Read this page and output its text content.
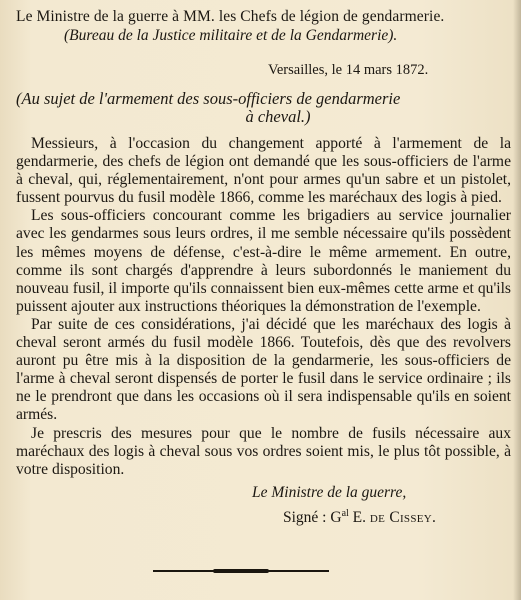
Le Ministre de la guerre à MM. les Chefs de légion de gendarmerie.
(Bureau de la Justice militaire et de la Gendarmerie).
Versailles, le 14 mars 1872.
(Au sujet de l'armement des sous-officiers de gendarmerie
à cheval.)

Messieurs, à l'occasion du changement apporté à l'armement de la gendarmerie, des chefs de légion ont demandé que les sous-officiers de l'arme à cheval, qui, réglementairement, n'ont pour armes qu'un sabre et un pistolet, fussent pourvus du fusil modèle 1866, comme les maréchaux des logis à pied.

Les sous-officiers concourant comme les brigadiers au service journalier avec les gendarmes sous leurs ordres, il me semble nécessaire qu'ils possèdent les mêmes moyens de défense, c'est-à-dire le même armement. En outre, comme ils sont chargés d'apprendre à leurs subordonnés le maniement du nouveau fusil, il importe qu'ils connaissent bien eux-mêmes cette arme et qu'ils puissent ajouter aux instructions théoriques la démonstration de l'exemple.

Par suite de ces considérations, j'ai décidé que les maréchaux des logis à cheval seront armés du fusil modèle 1866. Toutefois, dès que des revolvers auront pu être mis à la disposition de la gendarmerie, les sous-officiers de l'arme à cheval seront dispensés de porter le fusil dans le service ordinaire ; ils ne le prendront que dans les occasions où il sera indispensable qu'ils en soient armés.

Je prescris des mesures pour que le nombre de fusils nécessaire aux maréchaux des logis à cheval sous vos ordres soient mis, le plus tôt possible, à votre disposition.

Le Ministre de la guerre,
Signé : $G^{al}$ E. de Cissey.
